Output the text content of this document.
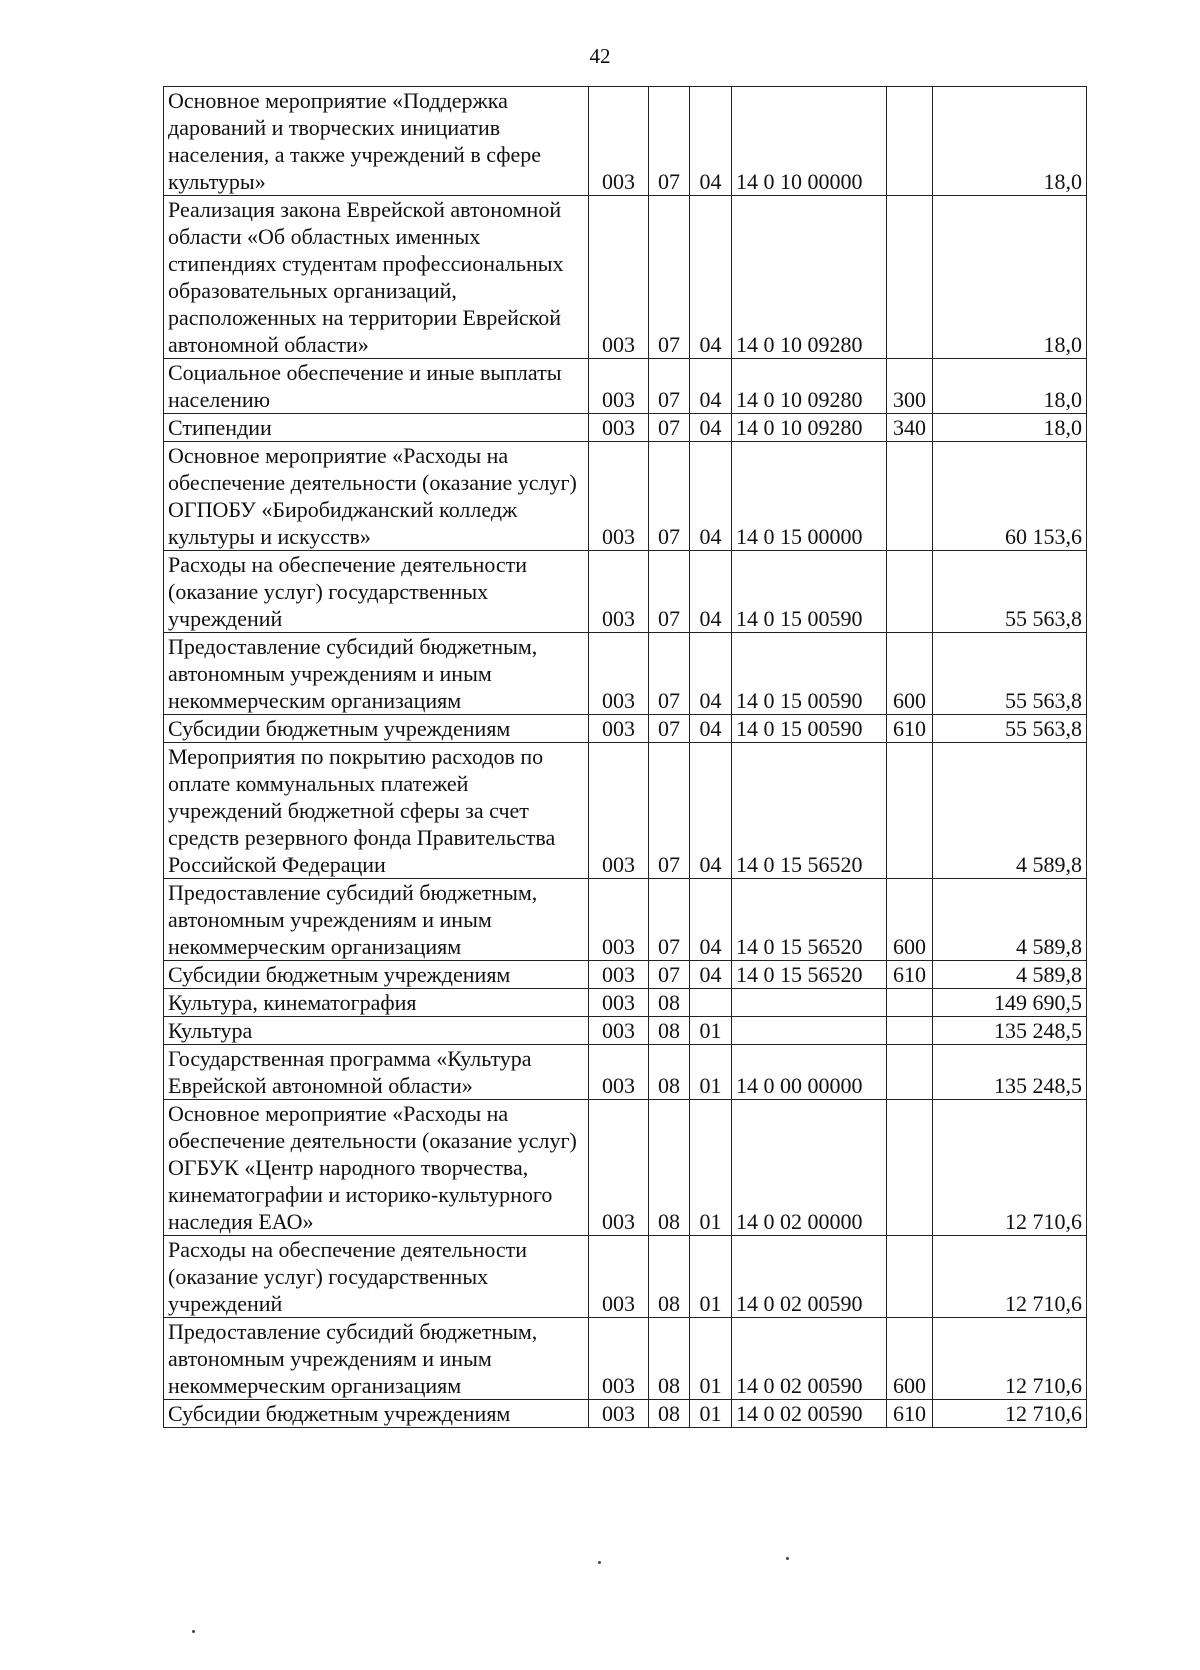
42
Основное мероприятие «Поддержка дарований и творческих инициатив населения, а также учреждений в сфере культуры»	003	07	04	14 0 10 00000		18,0
Реализация закона Еврейской автономной области «Об областных именных стипендиях студентам профессиональных образовательных организаций, расположенных на территории Еврейской автономной области»	003	07	04	14 0 10 09280		18,0
Социальное обеспечение и иные выплаты населению	003	07	04	14 0 10 09280	300	18,0
Стипендии	003	07	04	14 0 10 09280	340	18,0
Основное мероприятие «Расходы на обеспечение деятельности (оказание услуг) ОГПОБУ «Биробиджанский колледж культуры и искусств»	003	07	04	14 0 15 00000		60 153,6
Расходы на обеспечение деятельности (оказание услуг) государственных учреждений	003	07	04	14 0 15 00590		55 563,8
Предоставление субсидий бюджетным, автономным учреждениям и иным некоммерческим организациям	003	07	04	14 0 15 00590	600	55 563,8
Субсидии бюджетным учреждениям	003	07	04	14 0 15 00590	610	55 563,8
Мероприятия по покрытию расходов по оплате коммунальных платежей учреждений бюджетной сферы за счет средств резервного фонда Правительства Российской Федерации	003	07	04	14 0 15 56520		4 589,8
Предоставление субсидий бюджетным, автономным учреждениям и иным некоммерческим организациям	003	07	04	14 0 15 56520	600	4 589,8
Субсидии бюджетным учреждениям	003	07	04	14 0 15 56520	610	4 589,8
Культура, кинематография	003	08				149 690,5
Культура	003	08	01			135 248,5
Государственная программа «Культура Еврейской автономной области»	003	08	01	14 0 00 00000		135 248,5
Основное мероприятие «Расходы на обеспечение деятельности (оказание услуг) ОГБУК «Центр народного творчества, кинематографии и историко-культурного наследия ЕАО»	003	08	01	14 0 02 00000		12 710,6
Расходы на обеспечение деятельности (оказание услуг) государственных учреждений	003	08	01	14 0 02 00590		12 710,6
Предоставление субсидий бюджетным, автономным учреждениям и иным некоммерческим организациям	003	08	01	14 0 02 00590	600	12 710,6
Субсидии бюджетным учреждениям	003	08	01	14 0 02 00590	610	12 710,6
